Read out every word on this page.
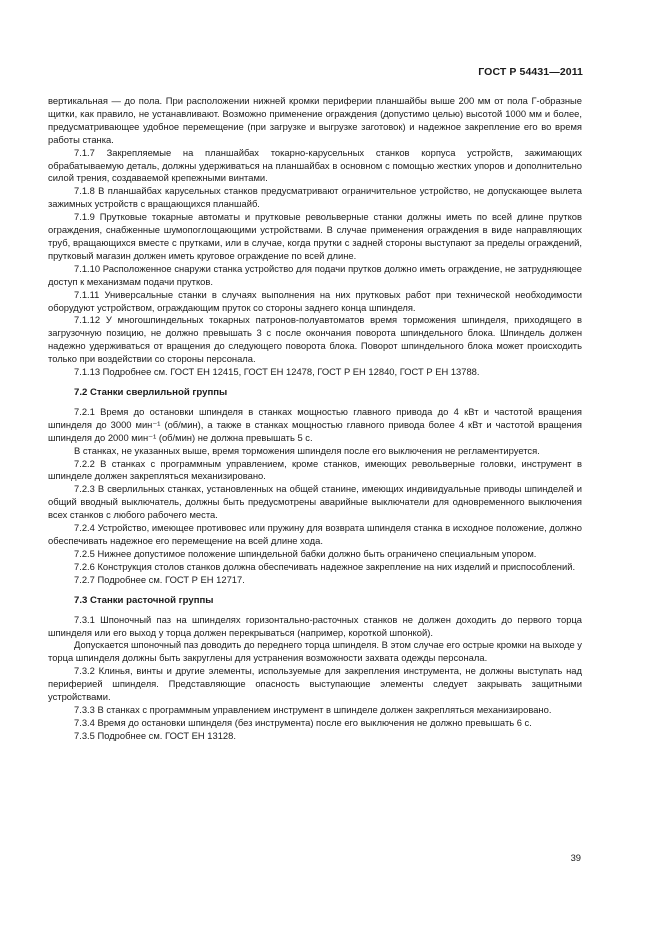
ГОСТ Р 54431—2011

вертикальная — до пола. При расположении нижней кромки периферии планшайбы выше 200 мм от пола Г-образные щитки, как правило, не устанавливают. Возможно применение ограждения (допустимо целью) высотой 1000 мм и более, предусматривающее удобное перемещение (при загрузке и выгрузке заготовок) и надежное закрепление его во время работы станка.

7.1.7 Закрепляемые на планшайбах токарно-карусельных станков корпуса устройств, зажимающих обрабатываемую деталь, должны удерживаться на планшайбах в основном с помощью жестких упоров и дополнительно силой трения, создаваемой крепежными винтами.

7.1.8 В планшайбах карусельных станков предусматривают ограничительное устройство, не допускающее вылета зажимных устройств с вращающихся планшайб.

7.1.9 Прутковые токарные автоматы и прутковые револьверные станки должны иметь по всей длине прутков ограждения, снабженные шумопоглощающими устройствами. В случае применения ограждения в виде направляющих труб, вращающихся вместе с прутками, или в случае, когда прутки с задней стороны выступают за пределы ограждений, прутковый магазин должен иметь круговое ограждение по всей длине.

7.1.10 Расположенное снаружи станка устройство для подачи прутков должно иметь ограждение, не затрудняющее доступ к механизмам подачи прутков.

7.1.11 Универсальные станки в случаях выполнения на них прутковых работ при технической необходимости оборудуют устройством, ограждающим пруток со стороны заднего конца шпинделя.

7.1.12 У многошпиндельных токарных патронов-полуавтоматов время торможения шпинделя, приходящего в загрузочную позицию, не должно превышать 3 с после окончания поворота шпиндельного блока. Шпиндель должен надежно удерживаться от вращения до следующего поворота блока. Поворот шпиндельного блока может происходить только при воздействии со стороны персонала.

7.1.13 Подробнее см. ГОСТ ЕН 12415, ГОСТ ЕН 12478, ГОСТ Р ЕН 12840, ГОСТ Р ЕН 13788.

7.2 Станки сверлильной группы

7.2.1 Время до остановки шпинделя в станках мощностью главного привода до 4 кВт и частотой вращения шпинделя до 3000 мин⁻¹ (об/мин), а также в станках мощностью главного привода более 4 кВт и частотой вращения шпинделя до 2000 мин⁻¹ (об/мин) не должна превышать 5 с.

В станках, не указанных выше, время торможения шпинделя после его выключения не регламентируется.

7.2.2 В станках с программным управлением, кроме станков, имеющих револьверные головки, инструмент в шпинделе должен закрепляться механизировано.

7.2.3 В сверлильных станках, установленных на общей станине, имеющих индивидуальные приводы шпинделей и общий вводный выключатель, должны быть предусмотрены аварийные выключатели для одновременного выключения всех станков с любого рабочего места.

7.2.4 Устройство, имеющее противовес или пружину для возврата шпинделя станка в исходное положение, должно обеспечивать надежное его перемещение на всей длине хода.

7.2.5 Нижнее допустимое положение шпиндельной бабки должно быть ограничено специальным упором.

7.2.6 Конструкция столов станков должна обеспечивать надежное закрепление на них изделий и приспособлений.

7.2.7 Подробнее см. ГОСТ Р ЕН 12717.

7.3 Станки расточной группы

7.3.1 Шпоночный паз на шпинделях горизонтально-расточных станков не должен доходить до первого торца шпинделя или его выход у торца должен перекрываться (например, короткой шпонкой).

Допускается шпоночный паз доводить до переднего торца шпинделя. В этом случае его острые кромки на выходе у торца шпинделя должны быть закруглены для устранения возможности захвата одежды персонала.

7.3.2 Клинья, винты и другие элементы, используемые для закрепления инструмента, не должны выступать над периферией шпинделя. Представляющие опасность выступающие элементы следует закрывать защитными устройствами.

7.3.3 В станках с программным управлением инструмент в шпинделе должен закрепляться механизировано.

7.3.4 Время до остановки шпинделя (без инструмента) после его выключения не должно превышать 6 с.

7.3.5 Подробнее см. ГОСТ ЕН 13128.

39
